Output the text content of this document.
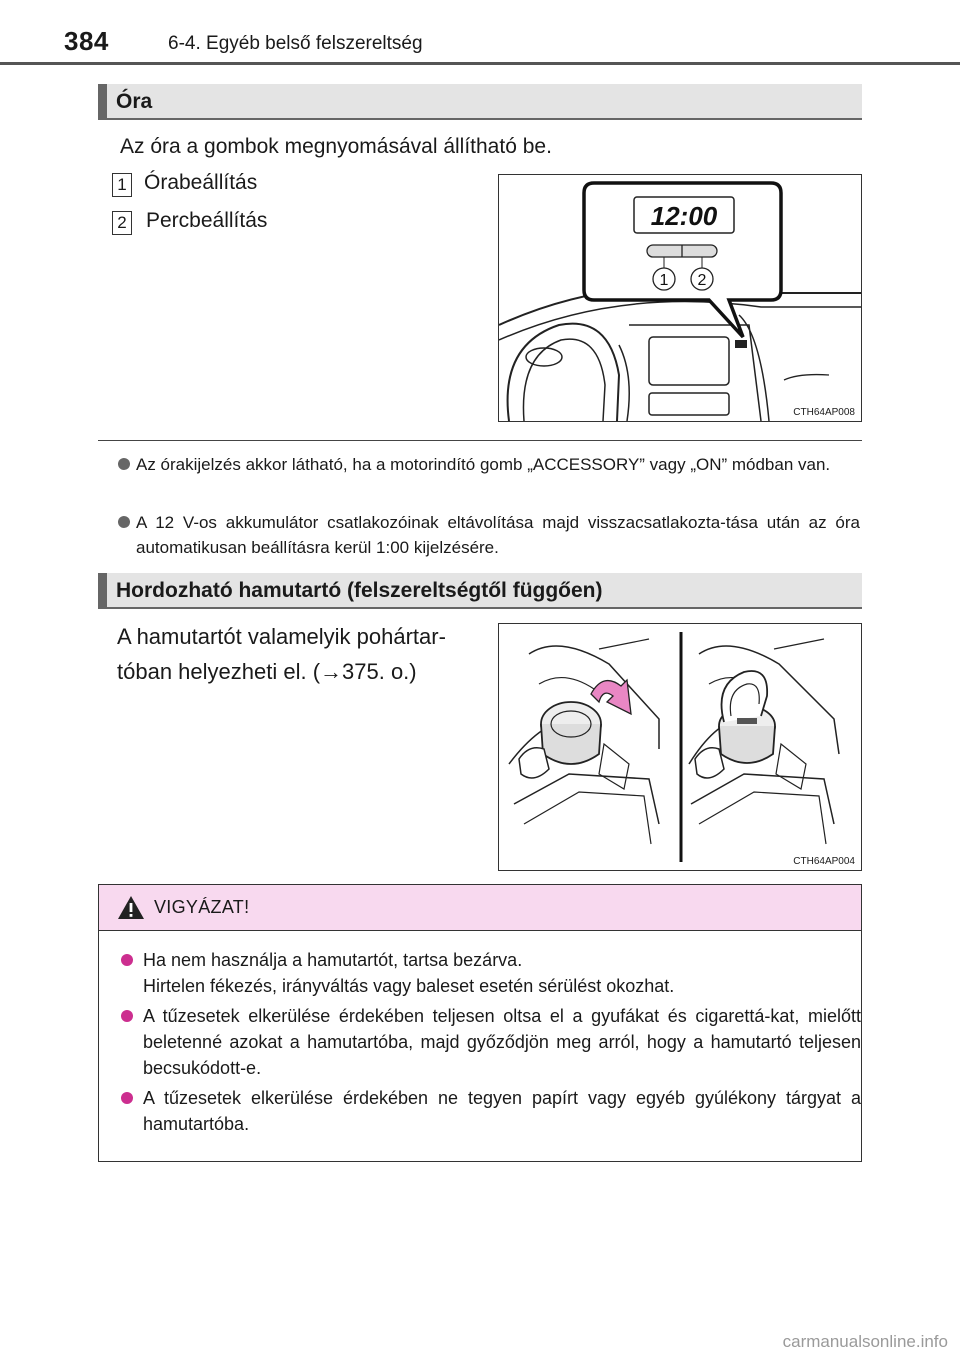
384	6-4. Egyéb belső felszereltség
Óra
Az óra a gombok megnyomásával állítható be.
1 Órabeállítás
2 Percbeállítás	12:00
1 2
CTH64AP008
Az órakijelzés akkor látható, ha a motorindító gomb „ACCESSORY” vagy „ON” módban van.
A 12 V-os akkumulátor csatlakozóinak eltávolítása majd visszacsatlakozta-tása után az óra automatikusan beállításra kerül 1:00 kijelzésére.
Hordozható hamutartó (felszereltségtől függően)
A hamutartót valamelyik pohártar-
tóban helyezheti el. (→375. o.)
CTH64AP004
VIGYÁZAT!
Ha nem használja a hamutartót, tartsa bezárva.
Hirtelen fékezés, irányváltás vagy baleset esetén sérülést okozhat.
A tűzesetek elkerülése érdekében teljesen oltsa el a gyufákat és cigarettá-kat, mielőtt beletenné azokat a hamutartóba, majd győződjön meg arról, hogy a hamutartó teljesen becsukódott-e.
A tűzesetek elkerülése érdekében ne tegyen papírt vagy egyéb gyúlékony tárgyat a hamutartóba.
carmanualsonline.info
